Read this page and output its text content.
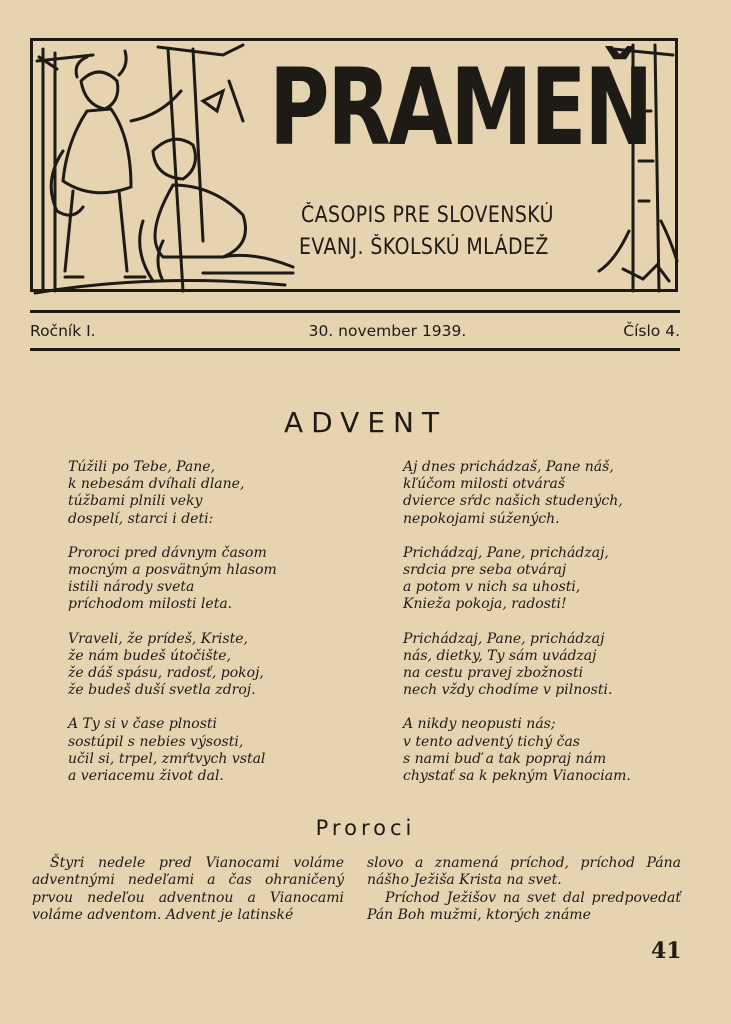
PRAMEŇ
ČASOPIS PRE SLOVENSKÚ
EVANJ. ŠKOLSKÚ MLÁDEŽ
Ročník I.	30. november 1939.	Číslo 4.
ADVENT

Túžili po Tebe, Pane,

k nebesám dvíhali dlane,

túžbami plnili veky

dospelí, starci i deti:

Proroci pred dávnym časom

mocným a posvätným hlasom

istili národy sveta

príchodom milosti leta.

Vraveli, že prídeš, Kriste,

že nám budeš útočište,

že dáš spásu, radosť, pokoj,

že budeš duší svetla zdroj.

A Ty si v čase plnosti

sostúpil s nebies výsosti,

učil si, trpel, zmŕtvych vstal

a veriacemu život dal.

Aj dnes prichádzaš, Pane náš,

kľúčom milosti otváraš

dvierce sŕdc našich studených,

nepokojami súžených.

Prichádzaj, Pane, prichádzaj,

srdcia pre seba otváraj

a potom v nich sa uhosti,

Knieža pokoja, radosti!

Prichádzaj, Pane, prichádzaj

nás, dietky, Ty sám uvádzaj

na cestu pravej zbožnosti

nech vždy chodíme v pilnosti.

A nikdy neopusti nás;

v tento adventý tichý čas

s nami buď a tak popraj nám

chystať sa k pekným Vianociam.

Proroci

Štyri nedele pred Vianocami voláme adventnými nedeľami a čas ohraničený prvou nedeľou adventnou a Vianocami voláme adventom. Advent je latinské

slovo a znamená príchod, príchod Pána nášho Ježiša Krista na svet.

Príchod Ježišov na svet dal predpovedať Pán Boh mužmi, ktorých známe

41
